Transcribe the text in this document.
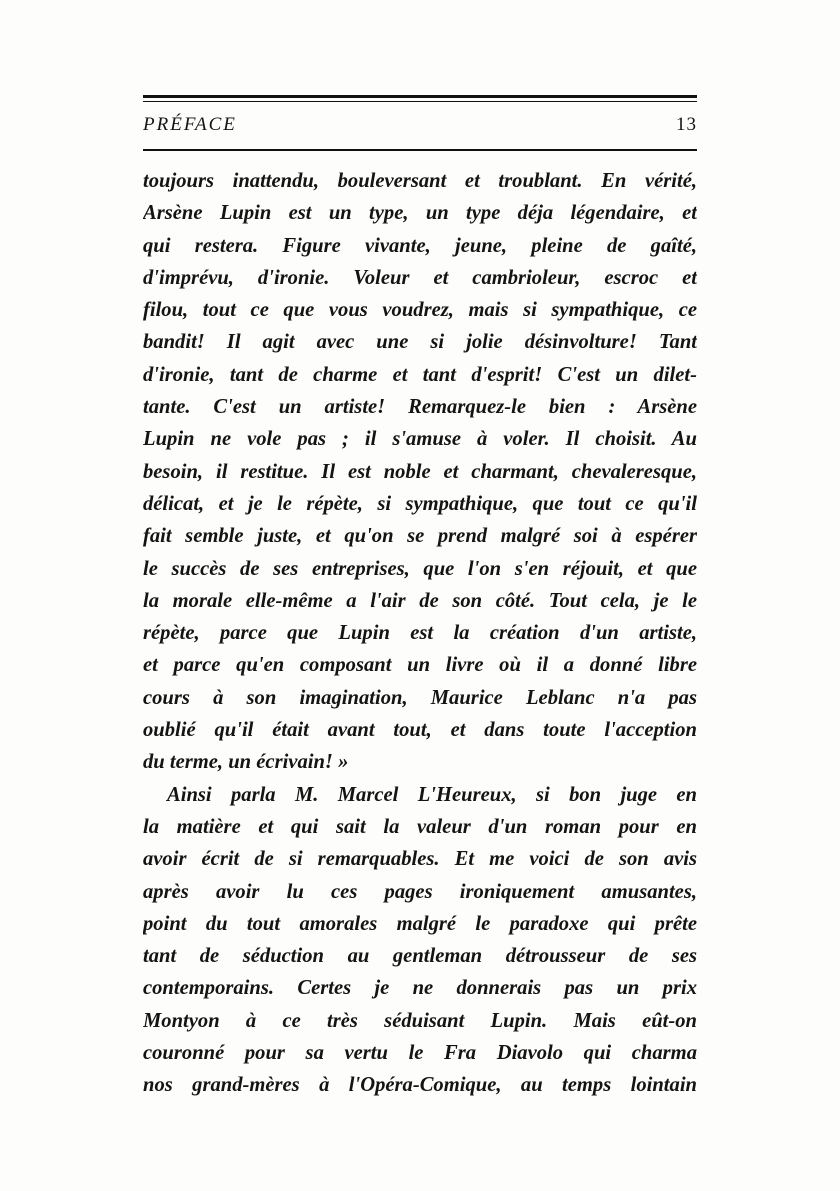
PRÉFACE	13
toujours inattendu, bouleversant et troublant. En vérité,
Arsène Lupin est un type, un type déja légendaire, et
qui restera. Figure vivante, jeune, pleine de gaîté,
d'imprévu, d'ironie. Voleur et cambrioleur, escroc et
filou, tout ce que vous voudrez, mais si sympathique, ce
bandit! Il agit avec une si jolie désinvolture! Tant
d'ironie, tant de charme et tant d'esprit! C'est un dilet-
tante. C'est un artiste! Remarquez-le bien : Arsène
Lupin ne vole pas ; il s'amuse à voler. Il choisit. Au
besoin, il restitue. Il est noble et charmant, chevaleresque,
délicat, et je le répète, si sympathique, que tout ce qu'il
fait semble juste, et qu'on se prend malgré soi à espérer
le succès de ses entreprises, que l'on s'en réjouit, et que
la morale elle-même a l'air de son côté. Tout cela, je le
répète, parce que Lupin est la création d'un artiste,
et parce qu'en composant un livre où il a donné libre
cours à son imagination, Maurice Leblanc n'a pas
oublié qu'il était avant tout, et dans toute l'acception
du terme, un écrivain! »
Ainsi parla M. Marcel L'Heureux, si bon juge en
la matière et qui sait la valeur d'un roman pour en
avoir écrit de si remarquables. Et me voici de son avis
après avoir lu ces pages ironiquement amusantes,
point du tout amorales malgré le paradoxe qui prête
tant de séduction au gentleman détrousseur de ses
contemporains. Certes je ne donnerais pas un prix
Montyon à ce très séduisant Lupin. Mais eût-on
couronné pour sa vertu le Fra Diavolo qui charma
nos grand-mères à l'Opéra-Comique, au temps lointain
